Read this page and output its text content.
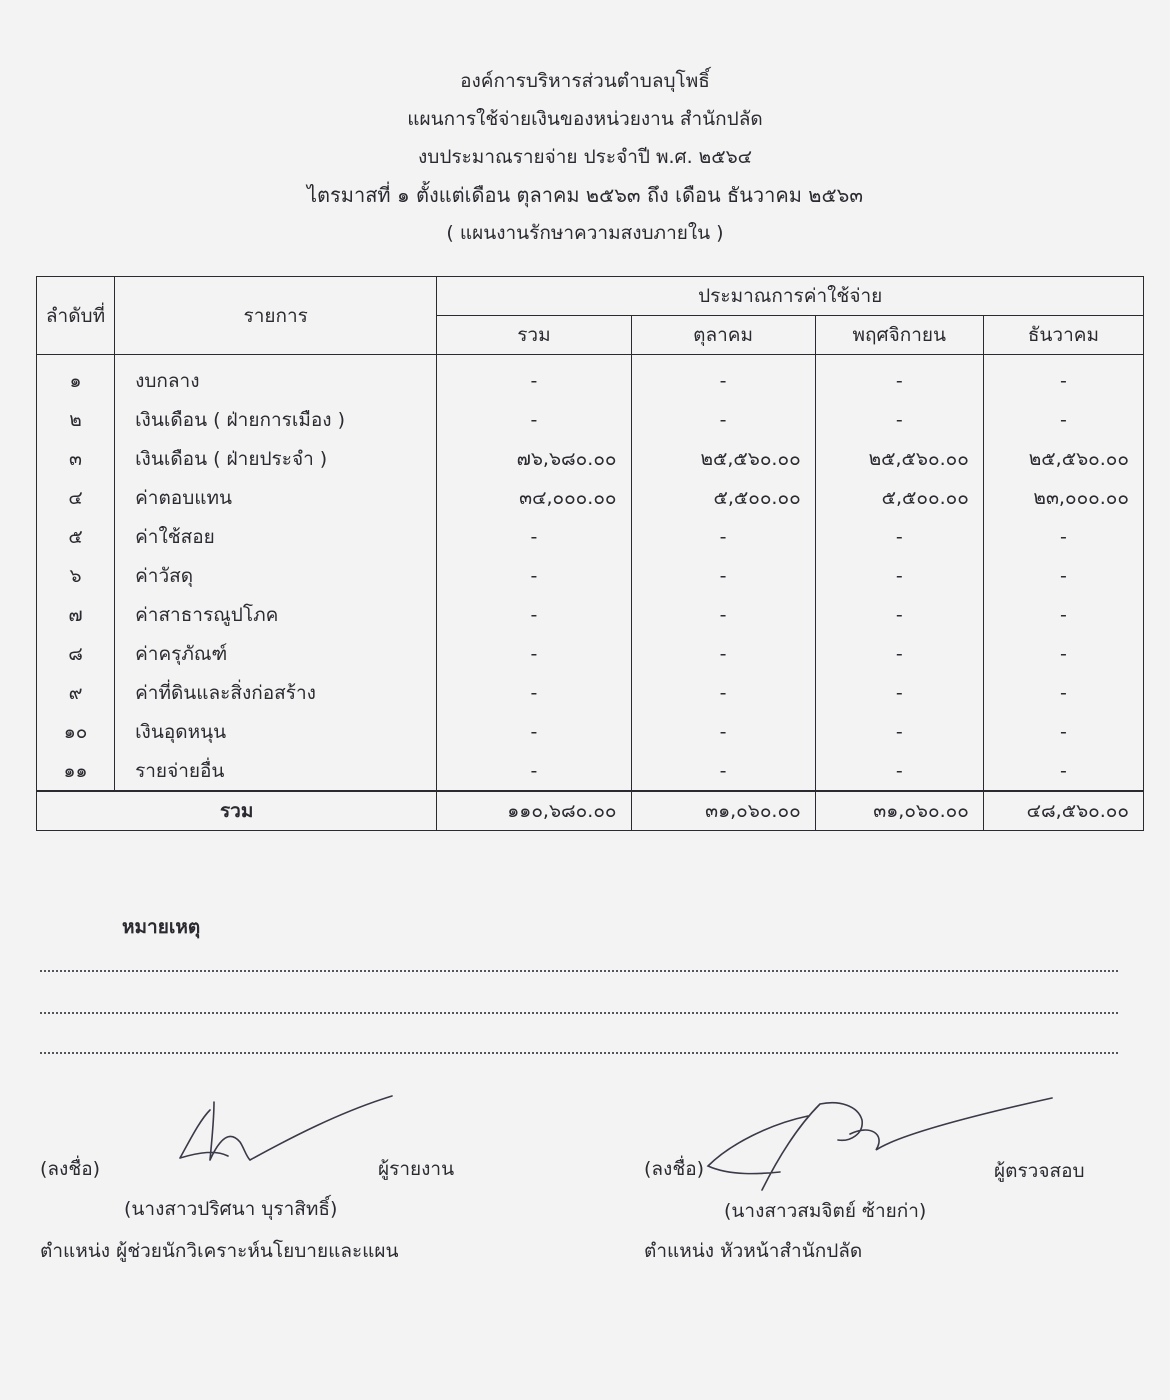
องค์การบริหารส่วนตำบลบุโพธิ์
แผนการใช้จ่ายเงินของหน่วยงาน สำนักปลัด
งบประมาณรายจ่าย ประจำปี พ.ศ. ๒๕๖๔
ไตรมาสที่ ๑ ตั้งแต่เดือน ตุลาคม ๒๕๖๓ ถึง เดือน ธันวาคม ๒๕๖๓
( แผนงานรักษาความสงบภายใน )
ลำดับที่	รายการ	ประมาณการค่าใช้จ่าย			
		รวม	ตุลาคม	พฤศจิกายน	ธันวาคม
๑	งบกลาง	-	-	-	-
๒	เงินเดือน ( ฝ่ายการเมือง )	-	-	-	-
๓	เงินเดือน ( ฝ่ายประจำ )	๗๖,๖๘๐.๐๐	๒๕,๕๖๐.๐๐	๒๕,๕๖๐.๐๐	๒๕,๕๖๐.๐๐
๔	ค่าตอบแทน	๓๔,๐๐๐.๐๐	๕,๕๐๐.๐๐	๕,๕๐๐.๐๐	๒๓,๐๐๐.๐๐
๕	ค่าใช้สอย	-	-	-	-
๖	ค่าวัสดุ	-	-	-	-
๗	ค่าสาธารณูปโภค	-	-	-	-
๘	ค่าครุภัณฑ์	-	-	-	-
๙	ค่าที่ดินและสิ่งก่อสร้าง	-	-	-	-
๑๐	เงินอุดหนุน	-	-	-	-
๑๑	รายจ่ายอื่น	-	-	-	-
รวม		๑๑๐,๖๘๐.๐๐	๓๑,๐๖๐.๐๐	๓๑,๐๖๐.๐๐	๔๘,๕๖๐.๐๐
หมายเหตุ
(ลงชื่อ)	ผู้รายงาน
(นางสาวปริศนา บุราสิทธิ์)
ตำแหน่ง ผู้ช่วยนักวิเคราะห์นโยบายและแผน
(ลงชื่อ)	ผู้ตรวจสอบ
(นางสาวสมจิตย์ ซ้ายก่า)
ตำแหน่ง หัวหน้าสำนักปลัด
